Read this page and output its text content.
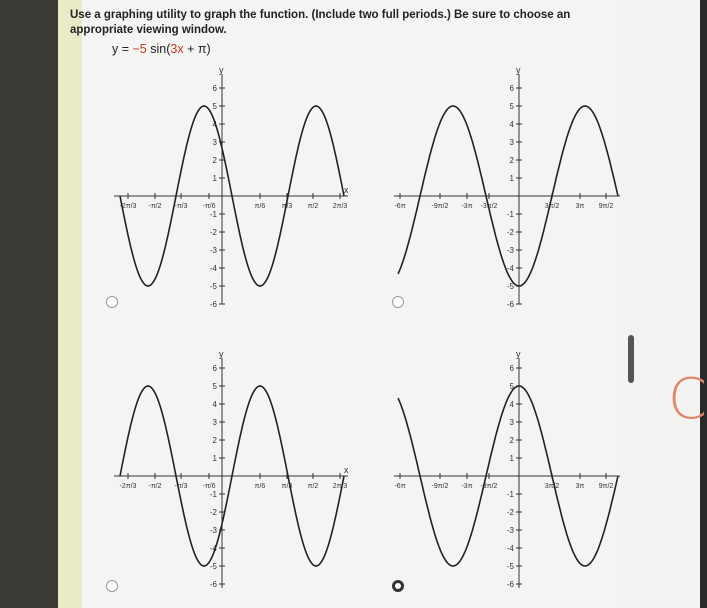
Use a graphing utility to graph the function. (Include two full periods.) Be sure to choose an appropriate viewing window.
y = −5 sin(3x + π)
y
x
6
5
4
3
2
1
-1
-2
-3
-4
-5
-6
-2π/3 -π/2 -π/3 -π/6	π/6 π/3 π/2 2π/3
y
6
5
4
3
2
1
-1
-2
-3
-4
-5
-6
-6π	-9π/2 -3π -3π/2	3π/2 3π 9π/2
y
x
6
5
4
3
2
1
-1
-2
-3
-4
-5
-6
-2π/3 -π/2 -π/3 -π/6	π/6 π/3 π/2 2π/3
y
6
5
4
3
2
1
-1
-2
-3
-4
-5
-6
-6π	-9π/2 -3π -3π/2	3π/2 3π 9π/2
C
